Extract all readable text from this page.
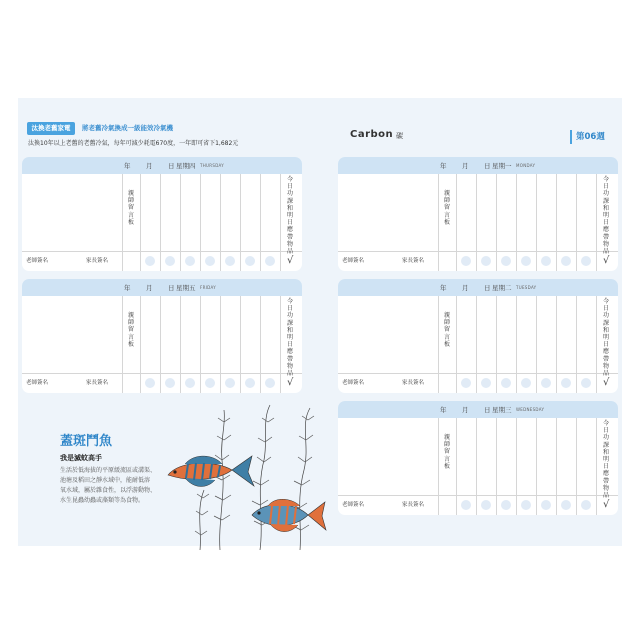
汰換老舊家電	將老舊冷氣換成一級能效冷氣機
汰換10年以上老舊的老舊冷氣，每年可減少耗電670度，一年即可省下1,682元
Carbon 碳	第06週
年 月 日 星期四 THURSDAY
親師留言板
今日功課和明日應帶物品
老師簽名	家長簽名	√
年 月 日 星期五 FRIDAY
親師留言板
今日功課和明日應帶物品
老師簽名	家長簽名	√
年 月 日 星期一 MONDAY
親師留言板
今日功課和明日應帶物品
老師簽名	家長簽名	√
年 月 日 星期二 TUESDAY
親師留言板
今日功課和明日應帶物品
老師簽名	家長簽名	√
年 月 日 星期三 WEDNESDAY
親師留言板
今日功課和明日應帶物品
老師簽名	家長簽名	√
蓋斑鬥魚
我是滅蚊高手
生活於低海拔的平原緩流區或溝渠、
池塘及稻田之靜水域中，能耐低溶
氧水域，屬於雜食性，以浮游動物、
水生昆蟲幼蟲或藻類等為食物。
